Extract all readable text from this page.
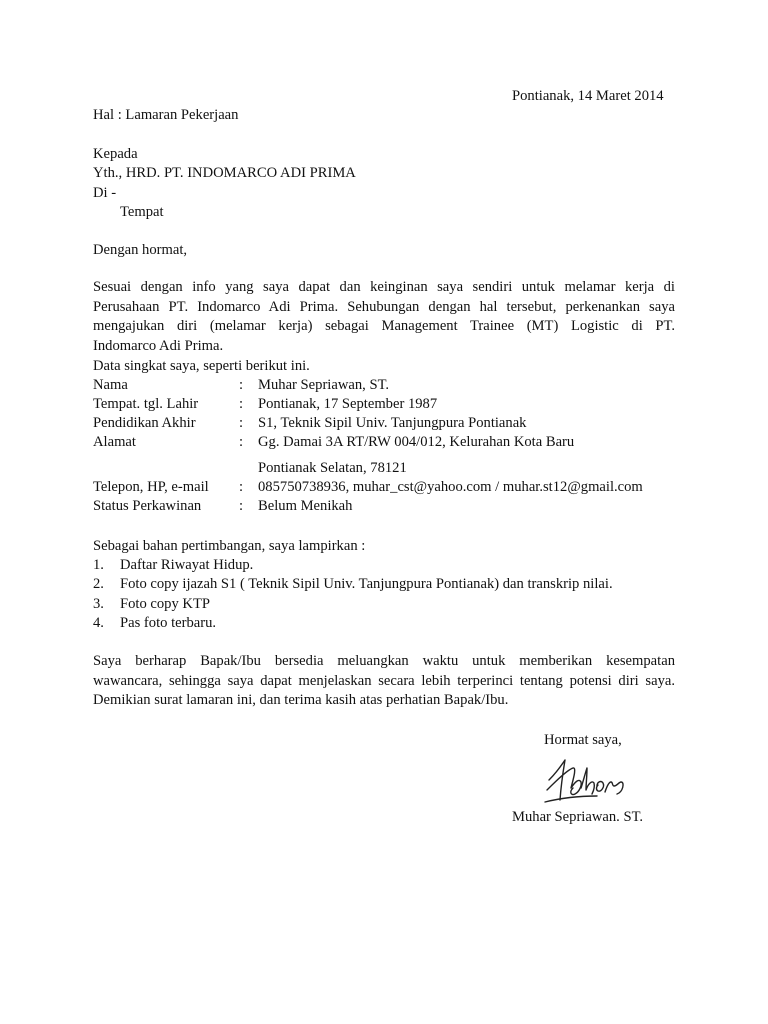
Pontianak, 14 Maret 2014
Hal : Lamaran Pekerjaan
Kepada
Yth., HRD. PT. INDOMARCO ADI PRIMA
Di -
Tempat
Dengan hormat,
Sesuai dengan info yang saya dapat dan keinginan saya sendiri untuk melamar kerja di
Perusahaan PT. Indomarco Adi Prima. Sehubungan dengan hal tersebut, perkenankan saya
mengajukan diri (melamar kerja) sebagai Management Trainee (MT) Logistic di PT.
Indomarco Adi Prima.
Data singkat saya, seperti berikut ini.
Nama	: Muhar Sepriawan, ST.
Tempat. tgl. Lahir	: Pontianak, 17 September 1987
Pendidikan Akhir	: S1, Teknik Sipil Univ. Tanjungpura Pontianak
Alamat	: Gg. Damai 3A RT/RW 004/012, Kelurahan Kota Baru
Pontianak Selatan, 78121
Telepon, HP, e-mail : 085750738936, muhar_cst@yahoo.com / muhar.st12@gmail.com
Status Perkawinan	: Belum Menikah
Sebagai bahan pertimbangan, saya lampirkan :
1. Daftar Riwayat Hidup.
2. Foto copy ijazah S1 ( Teknik Sipil Univ. Tanjungpura Pontianak) dan transkrip nilai.
3. Foto copy KTP
4. Pas foto terbaru.
Saya berharap Bapak/Ibu bersedia meluangkan waktu untuk memberikan kesempatan
wawancara, sehingga saya dapat menjelaskan secara lebih terperinci tentang potensi diri saya.
Demikian surat lamaran ini, dan terima kasih atas perhatian Bapak/Ibu.
Hormat saya,
Muhar Sepriawan. ST.
